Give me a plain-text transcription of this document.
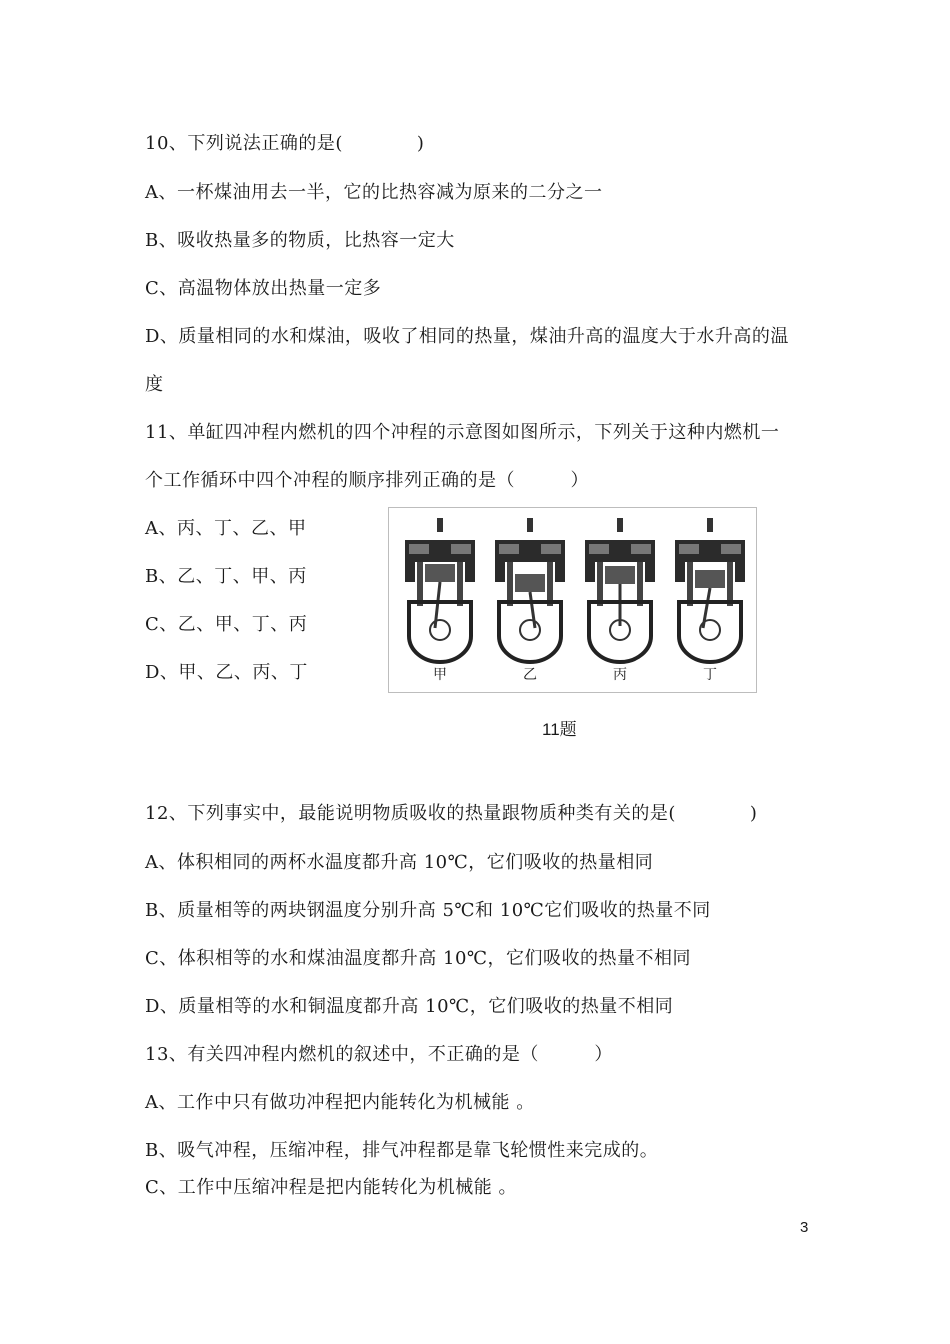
10、下列说法正确的是(　　　　)
A、一杯煤油用去一半，它的比热容减为原来的二分之一
B、吸收热量多的物质，比热容一定大
C、高温物体放出热量一定多
D、质量相同的水和煤油，吸收了相同的热量，煤油升高的温度大于水升高的温
度
11、单缸四冲程内燃机的四个冲程的示意图如图所示，下列关于这种内燃机一
个工作循环中四个冲程的顺序排列正确的是（　　　）
A、丙、丁、乙、甲
B、乙、丁、甲、丙
C、乙、甲、丁、丙
D、甲、乙、丙、丁	甲	乙	丙	丁
11题
12、下列事实中，最能说明物质吸收的热量跟物质种类有关的是(　　　　)
A、体积相同的两杯水温度都升高 10℃，它们吸收的热量相同
B、质量相等的两块钢温度分别升高 5℃和 10℃它们吸收的热量不同
C、体积相等的水和煤油温度都升高 10℃，它们吸收的热量不相同
D、质量相等的水和铜温度都升高 10℃，它们吸收的热量不相同
13、有关四冲程内燃机的叙述中，不正确的是（　　　）
A、工作中只有做功冲程把内能转化为机械能 。
B、吸气冲程，压缩冲程，排气冲程都是靠飞轮惯性来完成的。
C、工作中压缩冲程是把内能转化为机械能 。
3
